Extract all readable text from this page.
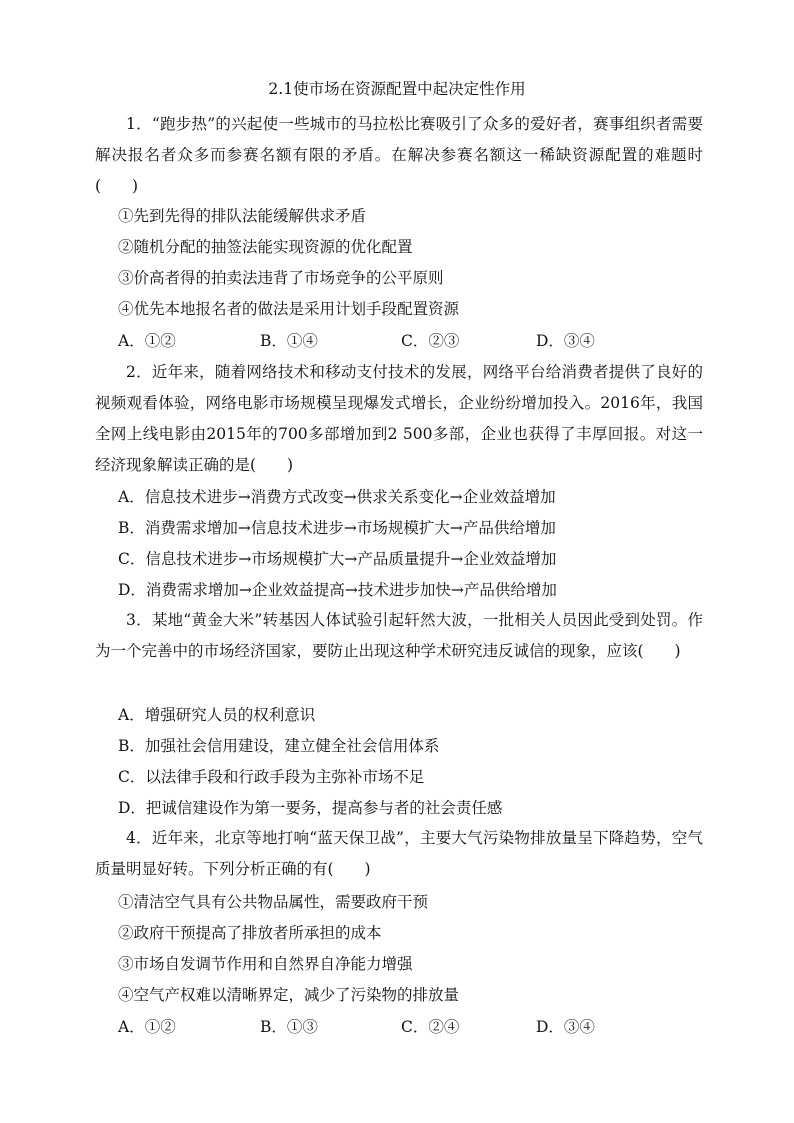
2.1使市场在资源配置中起决定性作用
1．“跑步热”的兴起使一些城市的马拉松比赛吸引了众多的爱好者，赛事组织者需要解决报名者众多而参赛名额有限的矛盾。在解决参赛名额这一稀缺资源配置的难题时(　　)
①先到先得的排队法能缓解供求矛盾
②随机分配的抽签法能实现资源的优化配置
③价高者得的拍卖法违背了市场竞争的公平原则
④优先本地报名者的做法是采用计划手段配置资源
A．①②	B．①④	C．②③	D．③④
2．近年来，随着网络技术和移动支付技术的发展，网络平台给消费者提供了良好的视频观看体验，网络电影市场规模呈现爆发式增长，企业纷纷增加投入。2016年，我国全网上线电影由2015年的700多部增加到2 500多部，企业也获得了丰厚回报。对这一经济现象解读正确的是(　　)
A．信息技术进步→消费方式改变→供求关系变化→企业效益增加
B．消费需求增加→信息技术进步→市场规模扩大→产品供给增加
C．信息技术进步→市场规模扩大→产品质量提升→企业效益增加
D．消费需求增加→企业效益提高→技术进步加快→产品供给增加
3．某地“黄金大米”转基因人体试验引起轩然大波，一批相关人员因此受到处罚。作为一个完善中的市场经济国家，要防止出现这种学术研究违反诚信的现象，应该(　　)
A．增强研究人员的权利意识
B．加强社会信用建设，建立健全社会信用体系
C．以法律手段和行政手段为主弥补市场不足
D．把诚信建设作为第一要务，提高参与者的社会责任感
4．近年来，北京等地打响“蓝天保卫战”，主要大气污染物排放量呈下降趋势，空气质量明显好转。下列分析正确的有(　　)
①清洁空气具有公共物品属性，需要政府干预
②政府干预提高了排放者所承担的成本
③市场自发调节作用和自然界自净能力增强
④空气产权难以清晰界定，减少了污染物的排放量
A．①②	B．①③	C．②④	D．③④
